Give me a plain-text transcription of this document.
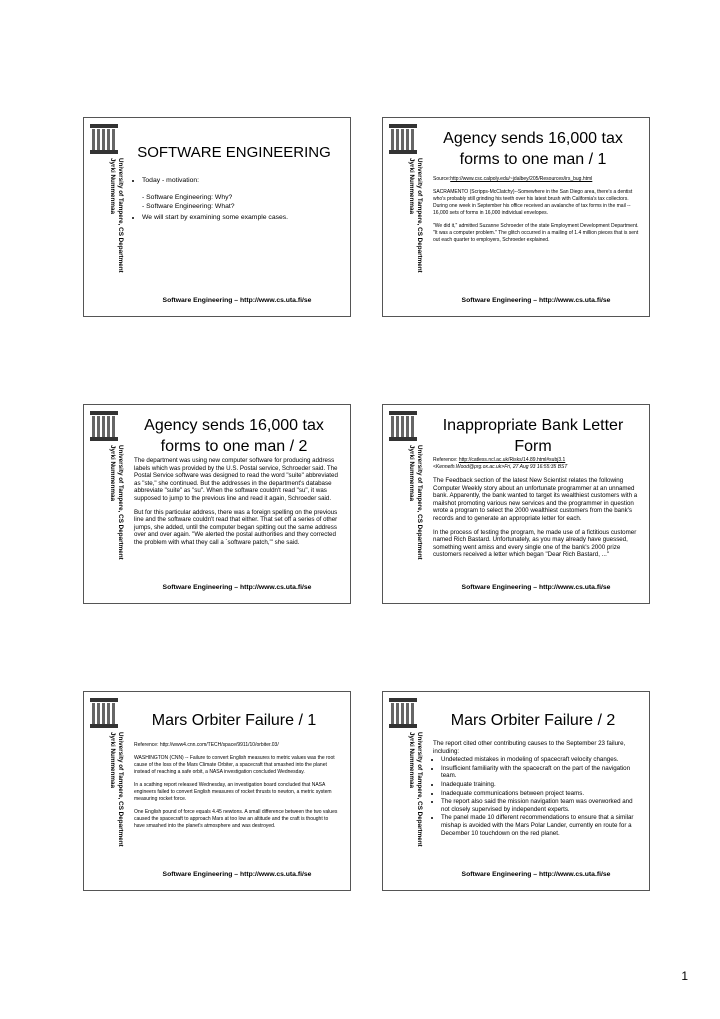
University of Tampere, CS Department
Jyrki Nummenmaa
SOFTWARE ENGINEERING
• Today - motivation:
- Software Engineering: Why?
- Software Engineering: What?
• We will start by examining some example cases.
Software Engineering – http://www.cs.uta.fi/se
University of Tampere, CS Department
Jyrki Nummenmaa
Agency sends 16,000 tax
forms to one man / 1

Source:http://www.csc.calpoly.edu/~jdalbey/205/Resources/irs_bug.html

SACRAMENTO (Scripps-McClatchy)--Somewhere in the San Diego area, there's a dentist who's probably still grinding his teeth over his latest brush with California's tax collectors. During one week in September his office received an avalanche of tax forms in the mail -- 16,000 sets of forms in 16,000 individual envelopes.

"We did it," admitted Suzanne Schroeder of the state Employment Development Department. "It was a computer problem." The glitch occurred in a mailing of 1.4 million pieces that is sent out each quarter to employers, Schroeder explained.

Software Engineering – http://www.cs.uta.fi/se
University of Tampere, CS Department
Jyrki Nummenmaa
Agency sends 16,000 tax
forms to one man / 2

The department was using new computer software for producing address labels which was provided by the U.S. Postal service, Schroeder said. The Postal Service software was designed to read the word "suite" abbreviated as "ste," she continued. But the addresses in the department's database abbreviate "suite" as "su". When the software couldn't read "su", it was supposed to jump to the previous line and read it again, Schroeder said.

But for this particular address, there was a foreign spelling on the previous line and the software couldn't read that either. That set off a series of other jumps, she added, until the computer began spitting out the same address over and over again. "We alerted the postal authorities and they corrected the problem with what they call a `software patch,'" she said.

Software Engineering – http://www.cs.uta.fi/se
University of Tampere, CS Department
Jyrki Nummenmaa
Inappropriate Bank Letter
Form

Reference: http://catless.ncl.ac.uk/Risks/14.89.html#subj3.1
<Kenneth.Wood@prg.ox.ac.uk>Fri, 27 Aug 93 16:55:35 BST

The Feedback section of the latest New Scientist relates the following Computer Weekly story about an unfortunate programmer at an unnamed bank. Apparently, the bank wanted to target its wealthiest customers with a mailshot promoting various new services and the programmer in question wrote a program to select the 2000 wealthiest customers from the bank's records and to generate an appropriate letter for each.

In the process of testing the program, he made use of a fictitious customer named Rich Bastard. Unfortunately, as you may already have guessed, something went amiss and every single one of the bank's 2000 prize customers received a letter which began "Dear Rich Bastard, ..."

Software Engineering – http://www.cs.uta.fi/se
University of Tampere, CS Department
Jyrki Nummenmaa
Mars Orbiter Failure / 1

Reference: http://www4.cnn.com/TECH/space/9911/10/orbiter.03/

WASHINGTON (CNN) -- Failure to convert English measures to metric values was the root cause of the loss of the Mars Climate Orbiter, a spacecraft that smashed into the planet instead of reaching a safe orbit, a NASA investigation concluded Wednesday.

In a scathing report released Wednesday, an investigation board concluded that NASA engineers failed to convert English measures of rocket thrusts to newton, a metric system measuring rocket force.

One English pound of force equals 4.45 newtons. A small difference between the two values caused the spacecraft to approach Mars at too low an altitude and the craft is thought to have smashed into the planet's atmosphere and was destroyed.

Software Engineering – http://www.cs.uta.fi/se
University of Tampere, CS Department
Jyrki Nummenmaa
Mars Orbiter Failure / 2

The report cited other contributing causes to the September 23 failure, including:

• Undetected mistakes in modeling of spacecraft velocity changes.
• Insufficient familiarity with the spacecraft on the part of the navigation team.
• Inadequate training.
• Inadequate communications between project teams.
• The report also said the mission navigation team was overworked and not closely supervised by independent experts.
• The panel made 10 different recommendations to ensure that a similar mishap is avoided with the Mars Polar Lander, currently en route for a December 10 touchdown on the red planet.
Software Engineering – http://www.cs.uta.fi/se
1
